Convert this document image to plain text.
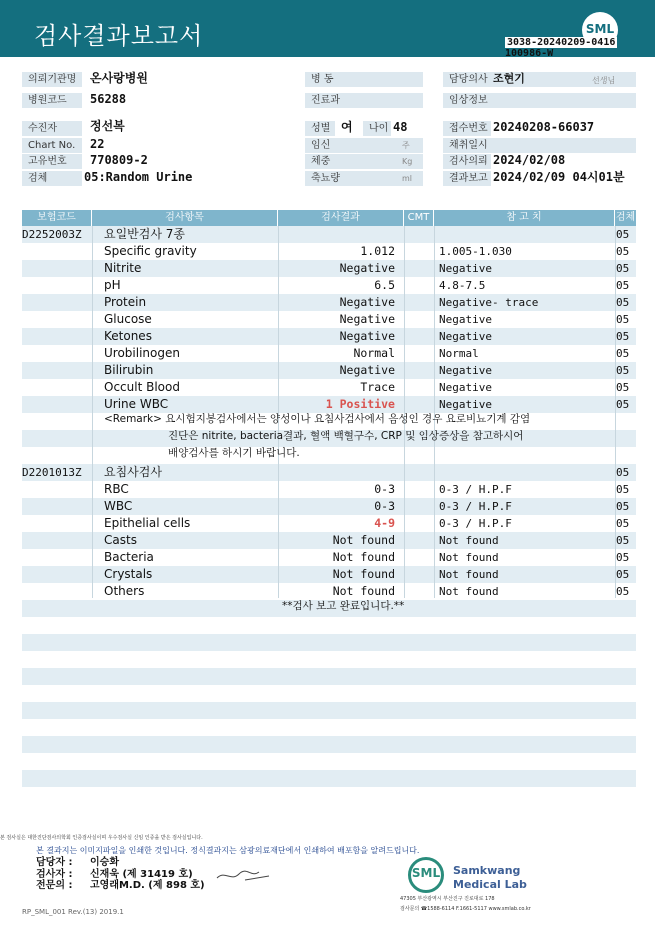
검사결과보고서	SML
3038-20240209-0416
100986-W
의뢰기관명	온사랑병원
병원코드	56288
수진자	정선복
Chart No.	22
고유번호	770809-2
검체	05:Random Urine
병 동
진료과
성별 여	나이 48
임신	주
체중	Kg
축뇨량	ml
담당의사 조현기	선생님
임상정보
접수번호 20240208-66037
채취일시
검사의뢰 2024/02/08
결과보고 2024/02/09 04시01분
보험코드	검사항목	검사결과	CMT	참 고 치	검체
D2252003Z 요일반검사 7종	05
Specific gravity	1.012	1.005-1.030	05
Nitrite	Negative	Negative	05
pH	6.5	4.8-7.5	05
Protein	Negative	Negative- trace	05
Glucose	Negative	Negative	05
Ketones	Negative	Negative	05
Urobilinogen	Normal	Normal	05
Bilirubin	Negative	Negative	05
Occult Blood	Trace	Negative	05
Urine WBC	1 Positive	Negative	05
D2201013Z 요침사검사	05
RBC	0-3	0-3 / H.P.F	05
WBC	0-3	0-3 / H.P.F	05
Epithelial cells	4-9	0-3 / H.P.F	05
Casts	Not found	Not found	05
Bacteria	Not found	Not found	05
Crystals	Not found	Not found	05
Others	Not found	Not found	05
<Remark> 요시험지봉검사에서는 양성이나 요침사검사에서 음성인 경우 요로비뇨기계 감염
진단은 nitrite, bacteria결과, 혈액 백혈구수, CRP 및 임상증상을 참고하시어
배양검사를 하시기 바랍니다.
**검사 보고 완료입니다.**
본 검사실은 대한진단검사의학회 인증검사실이며 우수검사실 신임 인증을 받은 검사실입니다.
본 결과지는 이미지파일을 인쇄한 것입니다. 정식결과지는 삼광의료재단에서 인쇄하여 배포함을 알려드립니다.
담당자 : 이승화
검사자 : 신재욱 (제 31419 호)
전문의 : 고영래M.D. (제 898 호)
SML	Samkwang
Medical Lab
47305 부산광역시 부산진구 진로대로 178
검사문의 ☎1588-6114 F.1661-5117 www.smlab.co.kr
RP_SML_001 Rev.(13) 2019.1
